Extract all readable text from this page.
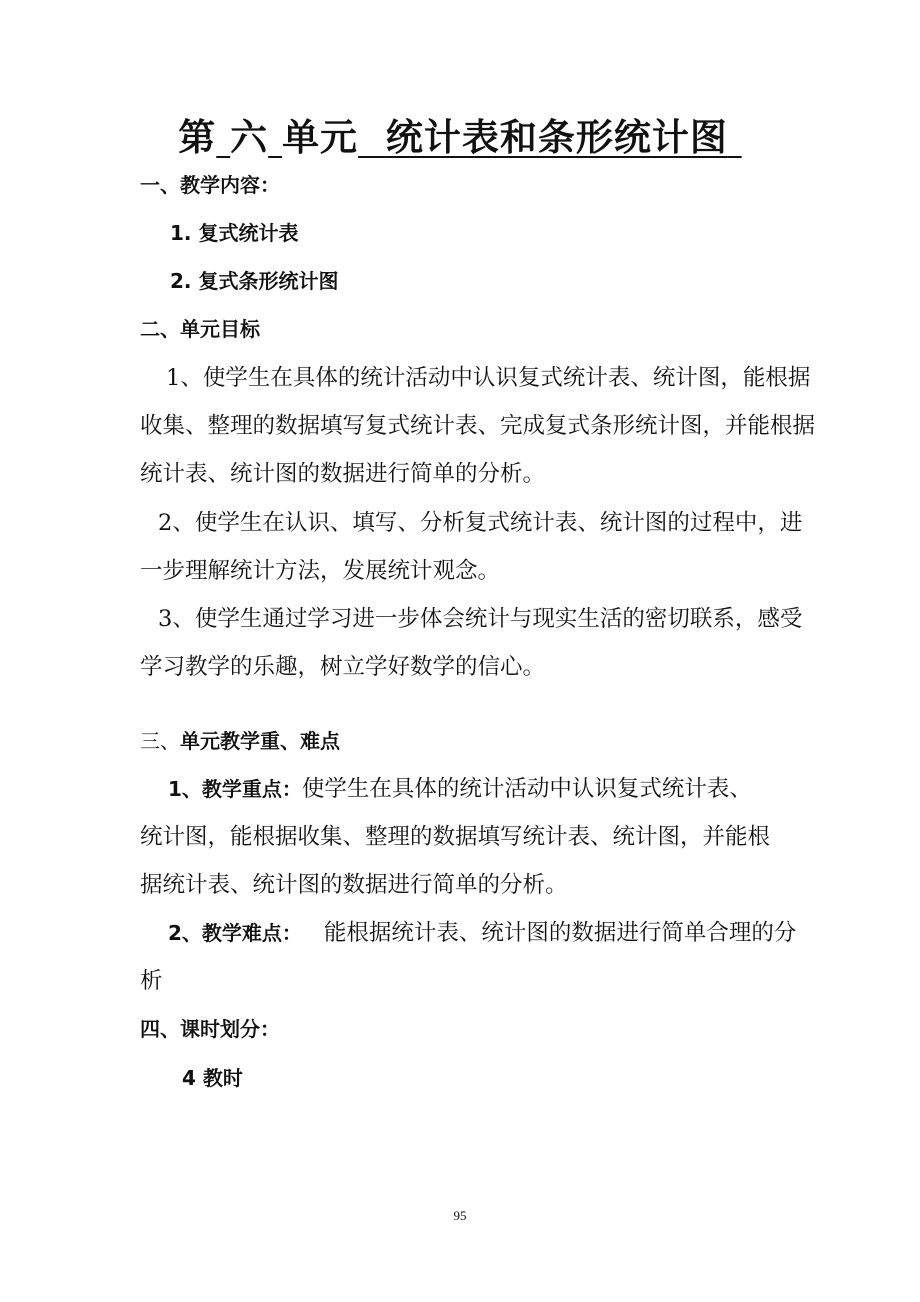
第 六 单元 统计表和条形统计图
一、教学内容：
1. 复式统计表
2. 复式条形统计图
二、单元目标
1、使学生在具体的统计活动中认识复式统计表、统计图，能根据
收集、整理的数据填写复式统计表、完成复式条形统计图，并能根据
统计表、统计图的数据进行简单的分析。
2、使学生在认识、填写、分析复式统计表、统计图的过程中，进
一步理解统计方法，发展统计观念。
3、使学生通过学习进一步体会统计与现实生活的密切联系，感受
学习教学的乐趣，树立学好数学的信心。
三、单元教学重、难点
1、教学重点：使学生在具体的统计活动中认识复式统计表、
统计图，能根据收集、整理的数据填写统计表、统计图，并能根
据统计表、统计图的数据进行简单的分析。
2、教学难点： 能根据统计表、统计图的数据进行简单合理的分
析
四、课时划分：
4 教时
95
